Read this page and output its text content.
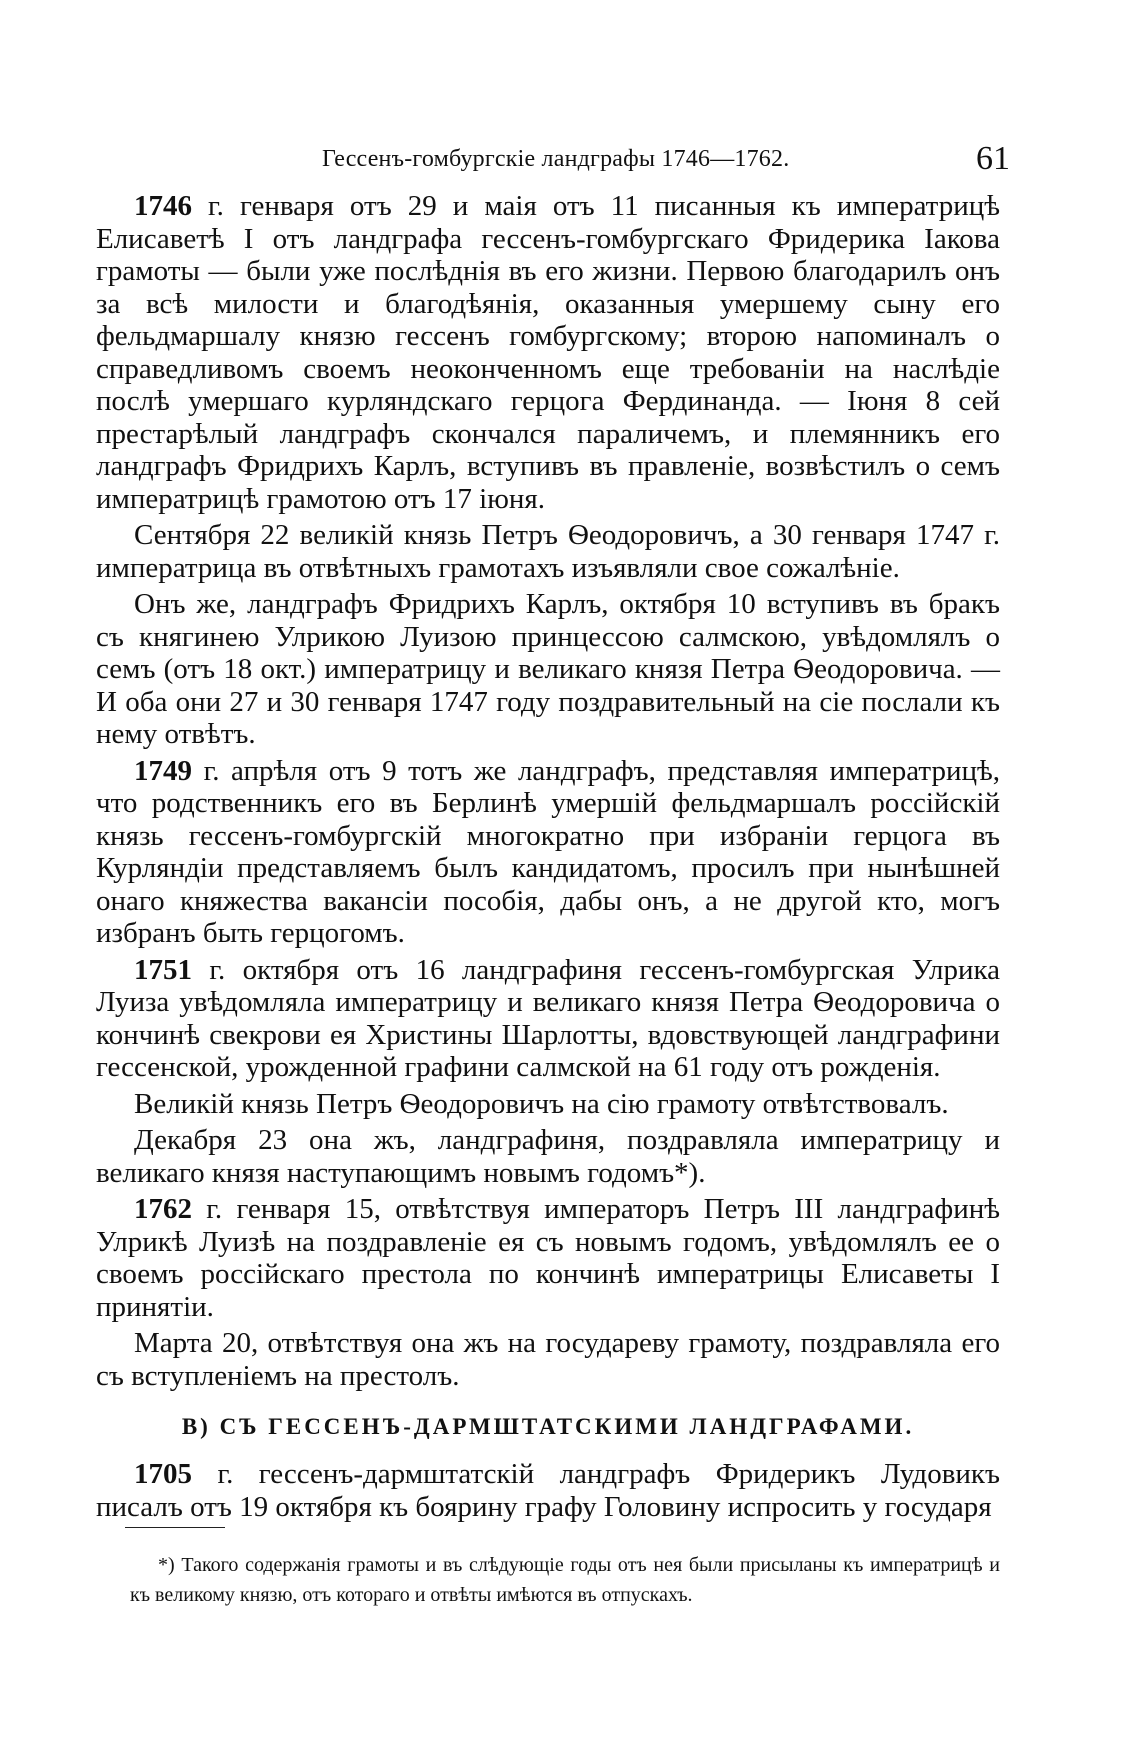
Гессенъ-гомбургскіе ландграфы 1746—1762.	61

1746 г. генваря отъ 29 и маія отъ 11 писанныя къ императрицѣ Елисаветѣ I отъ ландграфа гессенъ-гомбургскаго Фридерика Іакова грамоты — были уже послѣднія въ его жизни. Первою благодарилъ онъ за всѣ милости и благодѣянія, оказанныя умершему сыну его фельдмаршалу князю гессенъ гомбургскому; второю напоминалъ о справедливомъ своемъ неоконченномъ еще требованіи на наслѣдіе послѣ умершаго курляндскаго герцога Фердинанда. — Іюня 8 сей престарѣлый ландграфъ скончался параличемъ, и племянникъ его ландграфъ Фридрихъ Карлъ, вступивъ въ правленіе, возвѣстилъ о семъ императрицѣ грамотою отъ 17 іюня.

Сентября 22 великій князь Петръ Ѳеодоровичъ, а 30 генваря 1747 г. императрица въ отвѣтныхъ грамотахъ изъявляли свое сожалѣніе.

Онъ же, ландграфъ Фридрихъ Карлъ, октября 10 вступивъ въ бракъ съ княгинею Улрикою Луизою принцессою салмскою, увѣдомлялъ о семъ (отъ 18 окт.) императрицу и великаго князя Петра Ѳеодоровича. — И оба они 27 и 30 генваря 1747 году поздравительный на сіе послали къ нему отвѣтъ.

1749 г. апрѣля отъ 9 тотъ же ландграфъ, представляя императрицѣ, что родственникъ его въ Берлинѣ умершій фельдмаршалъ россійскій князь гессенъ-гомбургскій многократно при избраніи герцога въ Курляндіи представляемъ былъ кандидатомъ, просилъ при нынѣшней онаго княжества вакансіи пособія, дабы онъ, а не другой кто, могъ избранъ быть герцогомъ.

1751 г. октября отъ 16 ландграфиня гессенъ-гомбургская Улрика Луиза увѣдомляла императрицу и великаго князя Петра Ѳеодоровича о кончинѣ свекрови ея Христины Шарлотты, вдовствующей ландграфини гессенской, урожденной графини салмской на 61 году отъ рожденія.

Великій князь Петръ Ѳеодоровичъ на сію грамоту отвѣтствовалъ.

Декабря 23 она жъ, ландграфиня, поздравляла императрицу и великаго князя наступающимъ новымъ годомъ*).

1762 г. генваря 15, отвѣтствуя императоръ Петръ III ландграфинѣ Улрикѣ Луизѣ на поздравленіе ея съ новымъ годомъ, увѣдомлялъ ее о своемъ россійскаго престола по кончинѣ императрицы Елисаветы I принятіи.

Марта 20, отвѣтствуя она жъ на государеву грамоту, поздравляла его съ вступленіемъ на престолъ.

В) СЪ ГЕССЕНЪ-ДАРМШТАТСКИМИ ЛАНДГРАФАМИ.

1705 г. гессенъ-дармштатскій ландграфъ Фридерикъ Лудовикъ писалъ отъ 19 октября къ боярину графу Головину испросить у государя

*) Такого содержанія грамоты и въ слѣдующіе годы отъ нея были присыланы къ императрицѣ и къ великому князю, отъ котораго и отвѣты имѣются въ отпускахъ.
